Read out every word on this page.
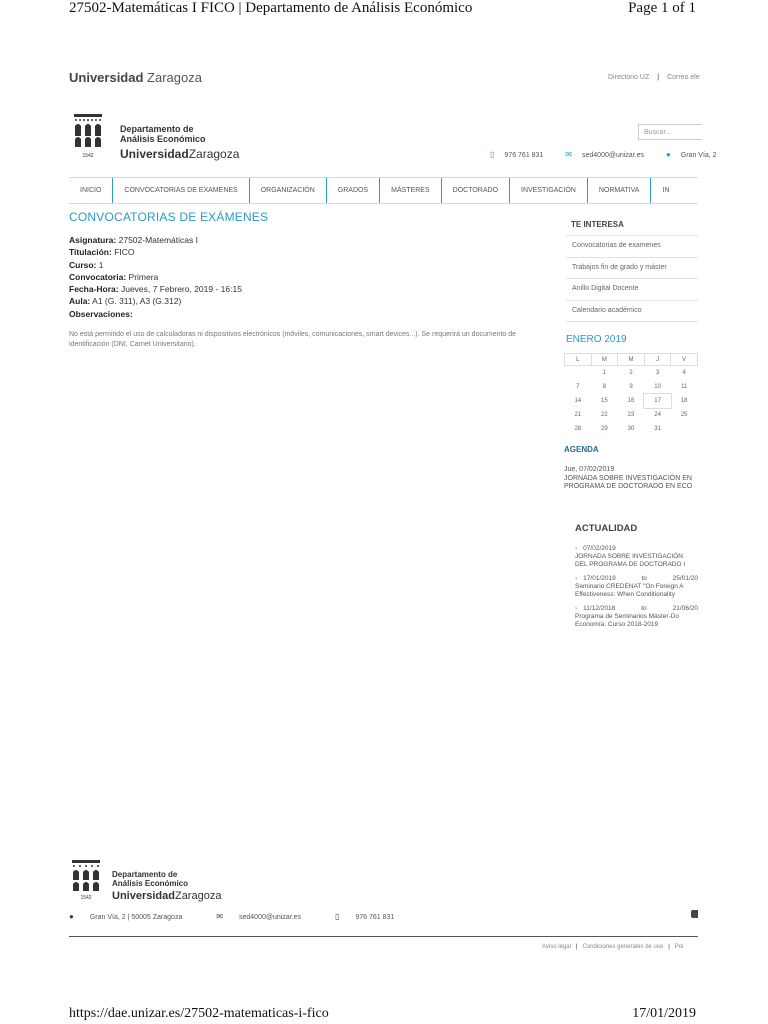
27502-Matemáticas I FICO | Departamento de Análisis Económico	Page 1 of 1
Universidad Zaragoza	Directorio UZ | Correo ele
1542
Departamento de
Análisis Económico
UniversidadZaragoza
Buscar...
▯ 976 761 831	✉ sed4000@unizar.es	● Gran Vía, 2
INICIO	CONVOCATORIAS DE EXAMENES	ORGANIZACIÓN	GRADOS	MÁSTERES	DOCTORADO	INVESTIGACIÓN	NORMATIVA	IN
CONVOCATORIAS DE EXÁMENES
Asignatura: 27502-Matemáticas I
Titulación: FICO
Curso: 1
Convocatoria: Primera
Fecha-Hora: Jueves, 7 Febrero, 2019 - 16:15
Aula: A1 (G. 311), A3 (G.312)
Observaciones:
No está permitido el uso de calculadoras ni dispositivos electrónicos (móviles, comunicaciones, smart devices...). Se requerirá un documento de identificación (DNI, Carnet Universitario).
TE INTERESA
Convocatorias de examenes
Trabajos fin de grado y máster
Anillo Digital Docente
Calendario académico
ENERO 2019
L	M	M	J	V
	1	2	3	4
7	8	9	10	11
14	15	16	17	18
21	22	23	24	25
28	29	30	31	
AGENDA
Jue, 07/02/2019
JORNADA SOBRE INVESTIGACIÓN EN
PROGRAMA DE DOCTORADO EN ECO
ACTUALIDAD
› 07/02/2019
JORNADA SOBRE INVESTIGACIÓN
DEL PROGRAMA DE DOCTORADO I
› 17/01/2019	to	25/01/20
Seminario CREDENAT "On Foreign A
Effectiveness: When Conditionality
› 11/12/2018	to	21/06/20
Programa de Seminarios Máster-Do
Economía. Curso 2018-2019
1542
Departamento de
Análisis Económico
UniversidadZaragoza
● Gran Vía, 2 | 50005 Zaragoza	✉ sed4000@unizar.es	▯ 976 761 831
Aviso legal | Condiciones generales de uso | Pol
https://dae.unizar.es/27502-matematicas-i-fico	17/01/2019
